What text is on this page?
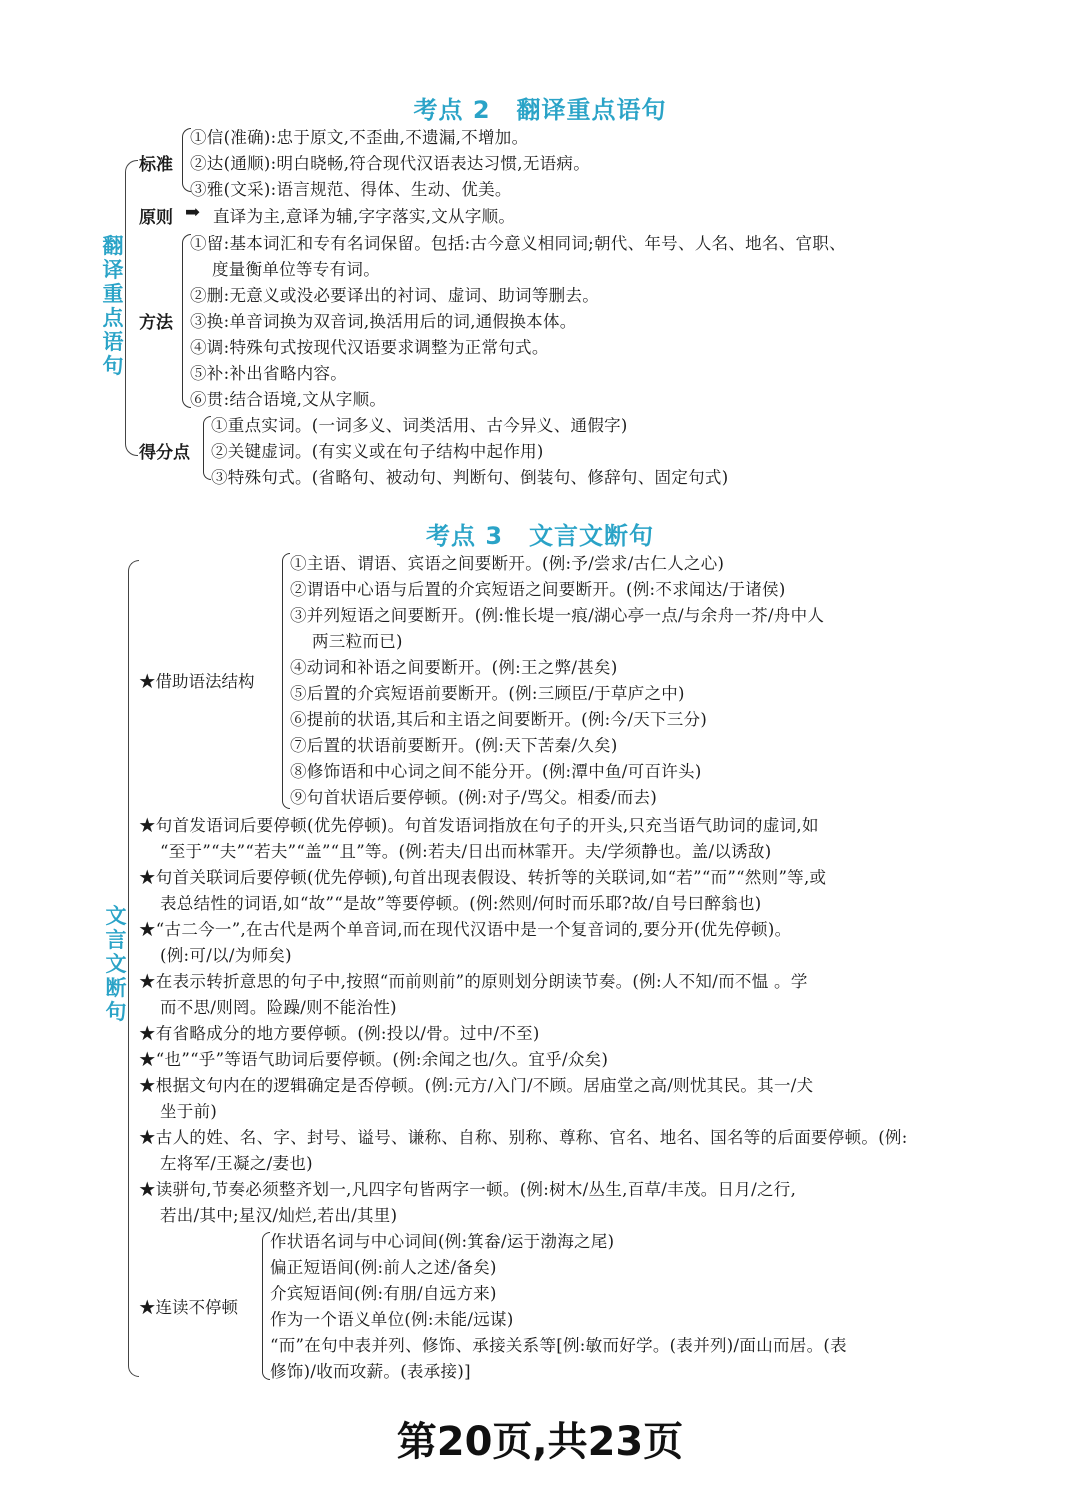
考点 2 翻译重点语句
翻译重点语句
标准
①信(准确):忠于原文,不歪曲,不遗漏,不增加。
②达(通顺):明白晓畅,符合现代汉语表达习惯,无语病。
③雅(文采):语言规范、得体、生动、优美。
原则 ➡ 直译为主,意译为辅,字字落实,文从字顺。
方法
①留:基本词汇和专有名词保留。包括:古今意义相同词;朝代、年号、人名、地名、官职、
度量衡单位等专有词。
②删:无意义或没必要译出的衬词、虚词、助词等删去。
③换:单音词换为双音词,换活用后的词,通假换本体。
④调:特殊句式按现代汉语要求调整为正常句式。
⑤补:补出省略内容。
⑥贯:结合语境,文从字顺。
得分点
①重点实词。(一词多义、词类活用、古今异义、通假字)
②关键虚词。(有实义或在句子结构中起作用)
③特殊句式。(省略句、被动句、判断句、倒装句、修辞句、固定句式)
考点 3 文言文断句
文言文断句
★借助语法结构
①主语、谓语、宾语之间要断开。(例:予/尝求/古仁人之心)
②谓语中心语与后置的介宾短语之间要断开。(例:不求闻达/于诸侯)
③并列短语之间要断开。(例:惟长堤一痕/湖心亭一点/与余舟一芥/舟中人
两三粒而已)
④动词和补语之间要断开。(例:王之弊/甚矣)
⑤后置的介宾短语前要断开。(例:三顾臣/于草庐之中)
⑥提前的状语,其后和主语之间要断开。(例:今/天下三分)
⑦后置的状语前要断开。(例:天下苦秦/久矣)
⑧修饰语和中心词之间不能分开。(例:潭中鱼/可百许头)
⑨句首状语后要停顿。(例:对子/骂父。相委/而去)
★句首发语词后要停顿(优先停顿)。句首发语词指放在句子的开头,只充当语气助词的虚词,如
“至于”“夫”“若夫”“盖”“且”等。(例:若夫/日出而林霏开。夫/学须静也。盖/以诱敌)
★句首关联词后要停顿(优先停顿),句首出现表假设、转折等的关联词,如“若”“而”“然则”等,或
表总结性的词语,如“故”“是故”等要停顿。(例:然则/何时而乐耶?故/自号曰醉翁也)
★“古二今一”,在古代是两个单音词,而在现代汉语中是一个复音词的,要分开(优先停顿)。
(例:可/以/为师矣)
★在表示转折意思的句子中,按照“而前则前”的原则划分朗读节奏。(例:人不知/而不愠 。学
而不思/则罔。险躁/则不能治性)
★有省略成分的地方要停顿。(例:投以/骨。过中/不至)
★“也”“乎”等语气助词后要停顿。(例:余闻之也/久。宜乎/众矣)
★根据文句内在的逻辑确定是否停顿。(例:元方/入门/不顾。居庙堂之高/则忧其民。其一/犬
坐于前)
★古人的姓、名、字、封号、谥号、谦称、自称、别称、尊称、官名、地名、国名等的后面要停顿。(例:
左将军/王凝之/妻也)
★读骈句,节奏必须整齐划一,凡四字句皆两字一顿。(例:树木/丛生,百草/丰茂。日月/之行,
若出/其中;星汉/灿烂,若出/其里)
★连读不停顿
作状语名词与中心词间(例:箕畚/运于渤海之尾)
偏正短语间(例:前人之述/备矣)
介宾短语间(例:有朋/自远方来)
作为一个语义单位(例:未能/远谋)
“而”在句中表并列、修饰、承接关系等[例:敏而好学。(表并列)/面山而居。(表
修饰)/收而攻薪。(表承接)]
第20页,共23页
